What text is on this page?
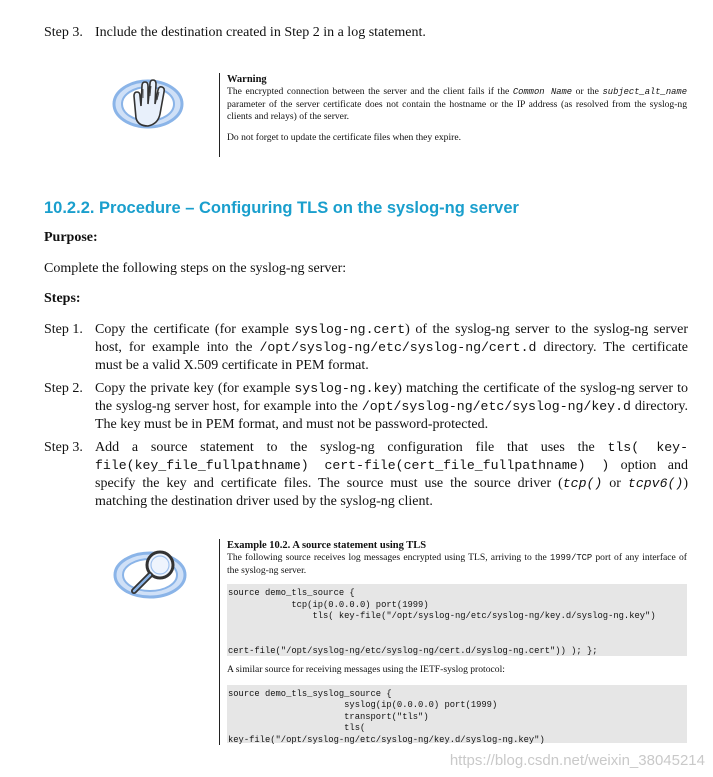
Step 3. Include the destination created in Step 2 in a log statement.
Warning
The encrypted connection between the server and the client fails if the Common Name or the subject_alt_name parameter of the server certificate does not contain the hostname or the IP address (as resolved from the syslog-ng clients and relays) of the server.
Do not forget to update the certificate files when they expire.
10.2.2. Procedure – Configuring TLS on the syslog-ng server
Purpose:
Complete the following steps on the syslog-ng server:
Steps:
Step 1. Copy the certificate (for example syslog-ng.cert) of the syslog-ng server to the syslog-ng server host, for example into the /opt/syslog-ng/etc/syslog-ng/cert.d directory. The certificate must be a valid X.509 certificate in PEM format.
Step 2. Copy the private key (for example syslog-ng.key) matching the certificate of the syslog-ng server to the syslog-ng server host, for example into the /opt/syslog-ng/etc/syslog-ng/key.d directory. The key must be in PEM format, and must not be password-protected.
Step 3. Add a source statement to the syslog-ng configuration file that uses the tls( key-file(key_file_fullpathname) cert-file(cert_file_fullpathname) ) option and specify the key and certificate files. The source must use the source driver (tcp() or tcpv6()) matching the destination driver used by the syslog-ng client.
Example 10.2. A source statement using TLS
The following source receives log messages encrypted using TLS, arriving to the 1999/TCP port of any interface of the syslog-ng server.
source demo_tls_source {
tcp(ip(0.0.0.0) port(1999)
tls( key-file("/opt/syslog-ng/etc/syslog-ng/key.d/syslog-ng.key")

cert-file("/opt/syslog-ng/etc/syslog-ng/cert.d/syslog-ng.cert")) ); };
A similar source for receiving messages using the IETF-syslog protocol:
source demo_tls_syslog_source {
syslog(ip(0.0.0.0) port(1999)
transport("tls")
tls(
key-file("/opt/syslog-ng/etc/syslog-ng/key.d/syslog-ng.key")
https://blog.csdn.net/weixin_38045214
